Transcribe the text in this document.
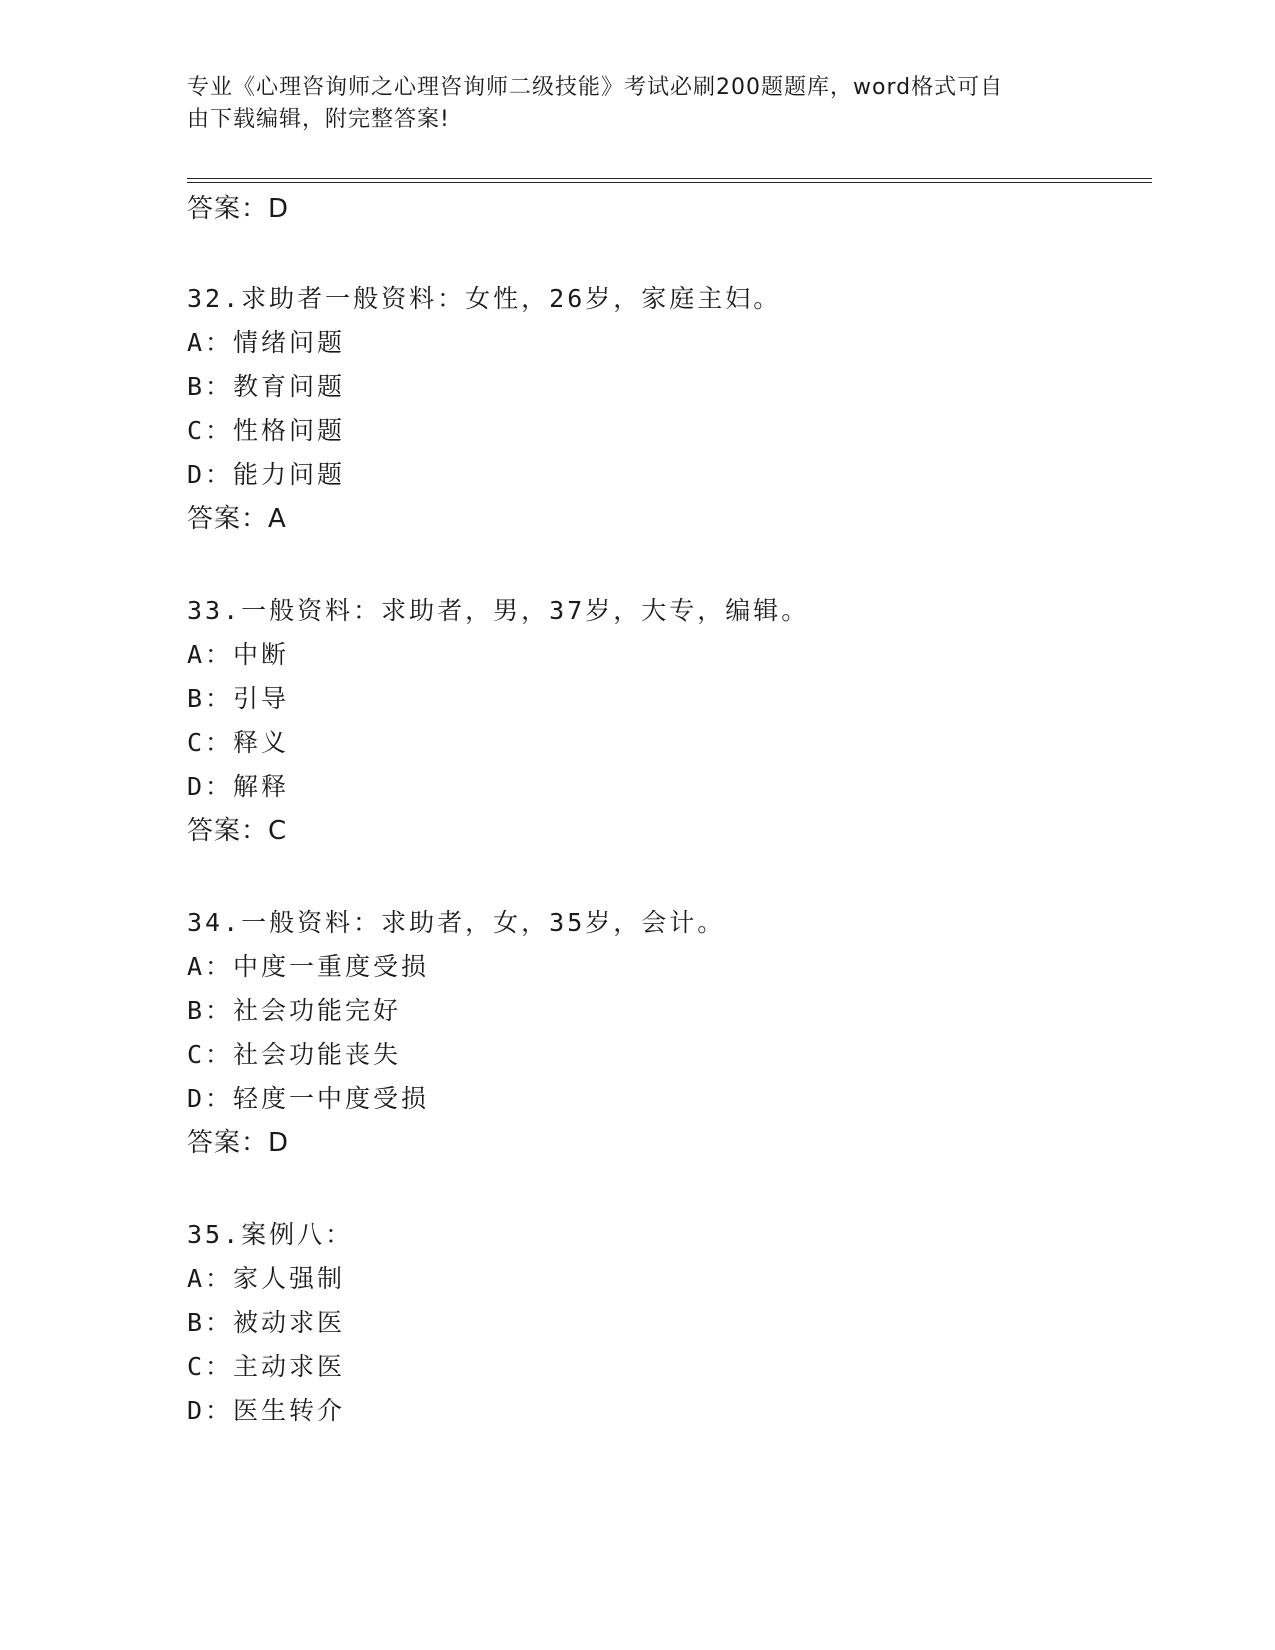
专业《心理咨询师之心理咨询师二级技能》考试必刷200题题库，word格式可自
由下载编辑，附完整答案!
答案：D
32.求助者一般资料：女性，26岁，家庭主妇。
A：情绪问题
B：教育问题
C：性格问题
D：能力问题
答案：A
33.一般资料：求助者，男，37岁，大专，编辑。
A：中断
B：引导
C：释义
D：解释
答案：C
34.一般资料：求助者，女，35岁，会计。
A：中度一重度受损
B：社会功能完好
C：社会功能丧失
D：轻度一中度受损
答案：D
35.案例八：
A：家人强制
B：被动求医
C：主动求医
D：医生转介
